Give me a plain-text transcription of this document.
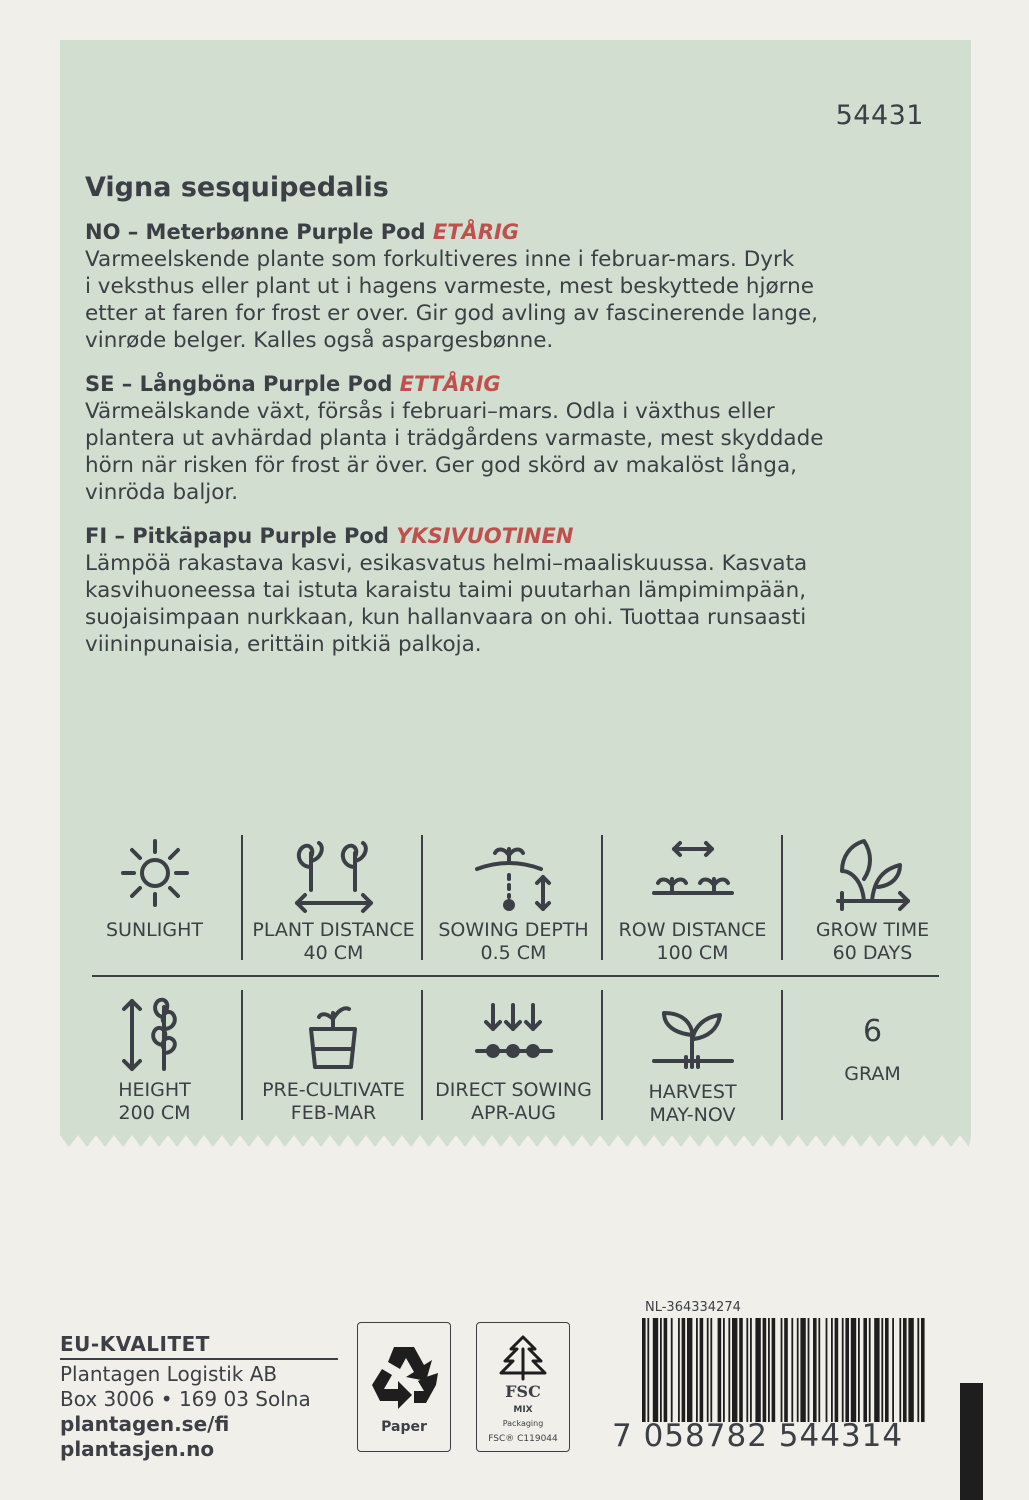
54431
Vigna sesquipedalis
NO – Meterbønne Purple Pod ETÅRIG

Varmeelskende plante som forkultiveres inne i februar-mars. Dyrk
i veksthus eller plant ut i hagens varmeste, mest beskyttede hjørne
etter at faren for frost er over. Gir god avling av fascinerende lange,
vinrøde belger. Kalles også aspargesbønne.

SE – Långböna Purple Pod ETTÅRIG

Värmeälskande växt, försås i februari–mars. Odla i växthus eller
plantera ut avhärdad planta i trädgårdens varmaste, mest skyddade
hörn när risken för frost är över. Ger god skörd av makalöst långa,
vinröda baljor.

FI – Pitkäpapu Purple Pod YKSIVUOTINEN

Lämpöä rakastava kasvi, esikasvatus helmi–maaliskuussa. Kasvata
kasvihuoneessa tai istuta karaistu taimi puutarhan lämpimimpään,
suojaisimpaan nurkkaan, kun hallanvaara on ohi. Tuottaa runsaasti
viininpunaisia, erittäin pitkiä palkoja.

SUNLIGHT	PLANT DISTANCE
40 CM
SOWING DEPTH
0.5 CM
ROW DISTANCE
100 CM
GROW TIME
60 DAYS
HEIGHT
200 CM
PRE-CULTIVATE
FEB-MAR
DIRECT SOWING
APR-AUG
HARVEST
MAY-NOV
6
GRAM
EU-KVALITET
Plantagen Logistik AB
Box 3006 • 169 03 Solna
plantagen.se/fi
plantasjen.no
Paper
FSC
MIX
Packaging
FSC® C119044
NL-364334274
7 058782 544314
